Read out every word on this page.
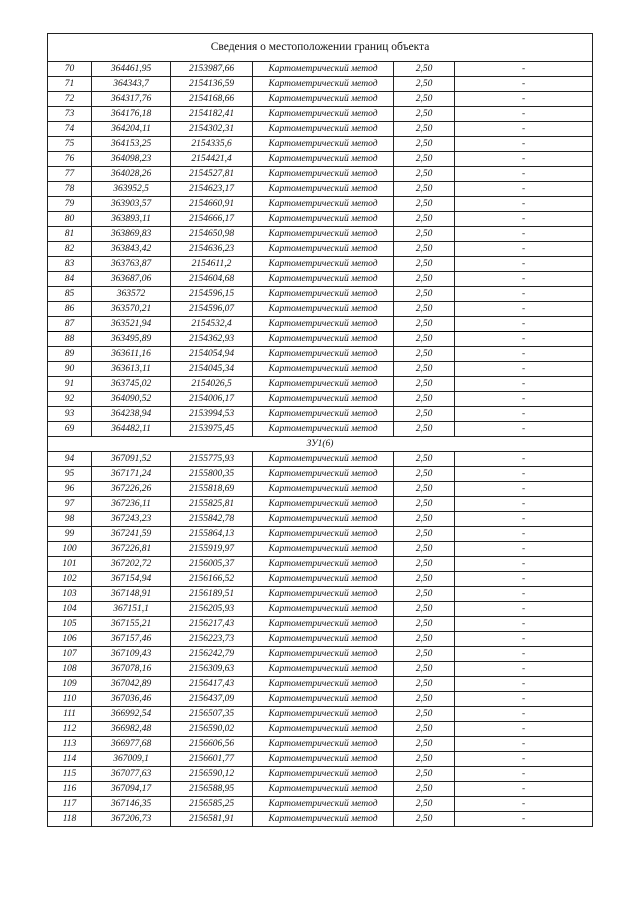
Сведения о местоположении границ объекта					
70	364461,95	2153987,66	Картометрический метод	2,50	-
71	364343,7	2154136,59	Картометрический метод	2,50	-
72	364317,76	2154168,66	Картометрический метод	2,50	-
73	364176,18	2154182,41	Картометрический метод	2,50	-
74	364204,11	2154302,31	Картометрический метод	2,50	-
75	364153,25	2154335,6	Картометрический метод	2,50	-
76	364098,23	2154421,4	Картометрический метод	2,50	-
77	364028,26	2154527,81	Картометрический метод	2,50	-
78	363952,5	2154623,17	Картометрический метод	2,50	-
79	363903,57	2154660,91	Картометрический метод	2,50	-
80	363893,11	2154666,17	Картометрический метод	2,50	-
81	363869,83	2154650,98	Картометрический метод	2,50	-
82	363843,42	2154636,23	Картометрический метод	2,50	-
83	363763,87	2154611,2	Картометрический метод	2,50	-
84	363687,06	2154604,68	Картометрический метод	2,50	-
85	363572	2154596,15	Картометрический метод	2,50	-
86	363570,21	2154596,07	Картометрический метод	2,50	-
87	363521,94	2154532,4	Картометрический метод	2,50	-
88	363495,89	2154362,93	Картометрический метод	2,50	-
89	363611,16	2154054,94	Картометрический метод	2,50	-
90	363613,11	2154045,34	Картометрический метод	2,50	-
91	363745,02	2154026,5	Картометрический метод	2,50	-
92	364090,52	2154006,17	Картометрический метод	2,50	-
93	364238,94	2153994,53	Картометрический метод	2,50	-
69	364482,11	2153975,45	Картометрический метод	2,50	-
ЗУ1(6)					
94	367091,52	2155775,93	Картометрический метод	2,50	-
95	367171,24	2155800,35	Картометрический метод	2,50	-
96	367226,26	2155818,69	Картометрический метод	2,50	-
97	367236,11	2155825,81	Картометрический метод	2,50	-
98	367243,23	2155842,78	Картометрический метод	2,50	-
99	367241,59	2155864,13	Картометрический метод	2,50	-
100	367226,81	2155919,97	Картометрический метод	2,50	-
101	367202,72	2156005,37	Картометрический метод	2,50	-
102	367154,94	2156166,52	Картометрический метод	2,50	-
103	367148,91	2156189,51	Картометрический метод	2,50	-
104	367151,1	2156205,93	Картометрический метод	2,50	-
105	367155,21	2156217,43	Картометрический метод	2,50	-
106	367157,46	2156223,73	Картометрический метод	2,50	-
107	367109,43	2156242,79	Картометрический метод	2,50	-
108	367078,16	2156309,63	Картометрический метод	2,50	-
109	367042,89	2156417,43	Картометрический метод	2,50	-
110	367036,46	2156437,09	Картометрический метод	2,50	-
111	366992,54	2156507,35	Картометрический метод	2,50	-
112	366982,48	2156590,02	Картометрический метод	2,50	-
113	366977,68	2156606,56	Картометрический метод	2,50	-
114	367009,1	2156601,77	Картометрический метод	2,50	-
115	367077,63	2156590,12	Картометрический метод	2,50	-
116	367094,17	2156588,95	Картометрический метод	2,50	-
117	367146,35	2156585,25	Картометрический метод	2,50	-
118	367206,73	2156581,91	Картометрический метод	2,50	-
